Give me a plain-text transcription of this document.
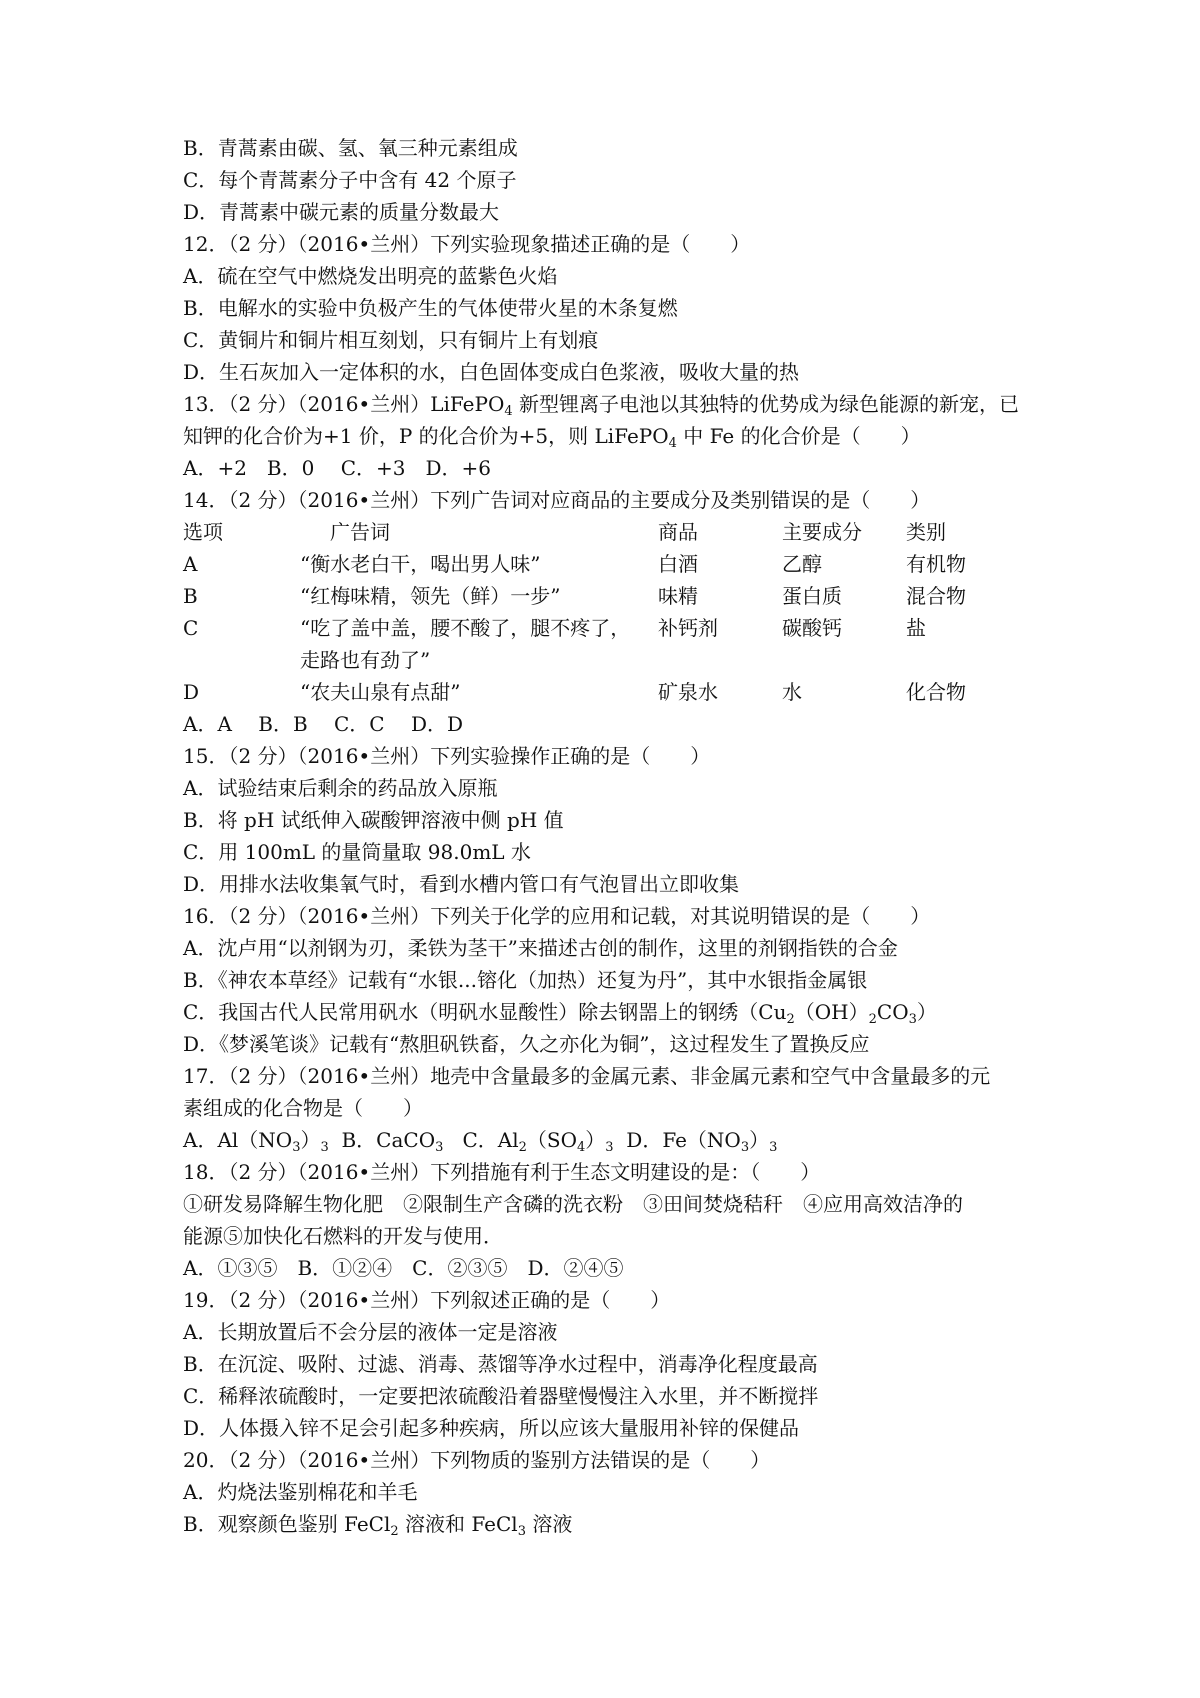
B．青蒿素由碳、氢、氧三种元素组成
C．每个青蒿素分子中含有 42 个原子
D．青蒿素中碳元素的质量分数最大
12．（2 分）（2016•兰州）下列实验现象描述正确的是（　　）
A．硫在空气中燃烧发出明亮的蓝紫色火焰
B．电解水的实验中负极产生的气体使带火星的木条复燃
C．黄铜片和铜片相互刻划，只有铜片上有划痕
D．生石灰加入一定体积的水，白色固体变成白色浆液，吸收大量的热
13．（2 分）（2016•兰州）LiFePO$_4$ 新型锂离子电池以其独特的优势成为绿色能源的新宠，已
知钾的化合价为+1 价，P 的化合价为+5，则 LiFePO$_4$ 中 Fe 的化合价是（　　）
A．+2　B．0　 C．+3　D．+6
14．（2 分）（2016•兰州）下列广告词对应商品的主要成分及类别错误的是（　　）
选项	广告词	商品	主要成分 类别
A	“衡水老白干，喝出男人味”	白酒	乙醇	有机物
B	“红梅味精，领先（鲜）一步”	味精	蛋白质	混合物
C	“吃了盖中盖，腰不酸了，腿不疼了，
走路也有劲了”
补钙剂	碳酸钙	盐
D	“农夫山泉有点甜”	矿泉水	水	化合物
A．A　 B．B　 C．C　 D．D
15．（2 分）（2016•兰州）下列实验操作正确的是（　　）
A．试验结束后剩余的药品放入原瓶
B．将 pH 试纸伸入碳酸钾溶液中侧 pH 值
C．用 100mL 的量筒量取 98.0mL 水
D．用排水法收集氧气时，看到水槽内管口有气泡冒出立即收集
16．（2 分）（2016•兰州）下列关于化学的应用和记载，对其说明错误的是（　　）
A．沈卢用“以剂钢为刃，柔铁为茎干”来描述古创的制作，这里的剂钢指铁的合金
B．《神农本草经》记载有“水银...镕化（加热）还复为丹”，其中水银指金属银
C．我国古代人民常用矾水（明矾水显酸性）除去钢噐上的钢绣$(Cu_2(OH)_2CO_3)$
D．《梦溪笔谈》记载有“熬胆矾铁畜，久之亦化为铜”，这过程发生了置换反应
17．（2 分）（2016•兰州）地壳中含量最多的金属元素、非金属元素和空气中含量最多的元
素组成的化合物是（　　）
A．$Al(NO_3)_3$ B．CaCO$_3$ C．$Al_2(SO_4)_3$ D．$Fe(NO_3)_3$
18．（2 分）（2016•兰州）下列措施有利于生态文明建设的是：（　　）
①研发易降解生物化肥　②限制生产含磷的洗衣粉　③田间焚烧秸秆　④应用高效洁净的
能源⑤加快化石燃料的开发与使用．
A．①③⑤　B．①②④　C．②③⑤　D．②④⑤
19．（2 分）（2016•兰州）下列叙述正确的是（　　）
A．长期放置后不会分层的液体一定是溶液
B．在沉淀、吸附、过滤、消毒、蒸馏等净水过程中，消毒净化程度最高
C．稀释浓硫酸时，一定要把浓硫酸沿着器壁慢慢注入水里，并不断搅拌
D．人体摄入锌不足会引起多种疾病，所以应该大量服用补锌的保健品
20．（2 分）（2016•兰州）下列物质的鉴别方法错误的是（　　）
A．灼烧法鉴别棉花和羊毛
B．观察颜色鉴别 FeCl$_2$ 溶液和 FeCl$_3$ 溶液
